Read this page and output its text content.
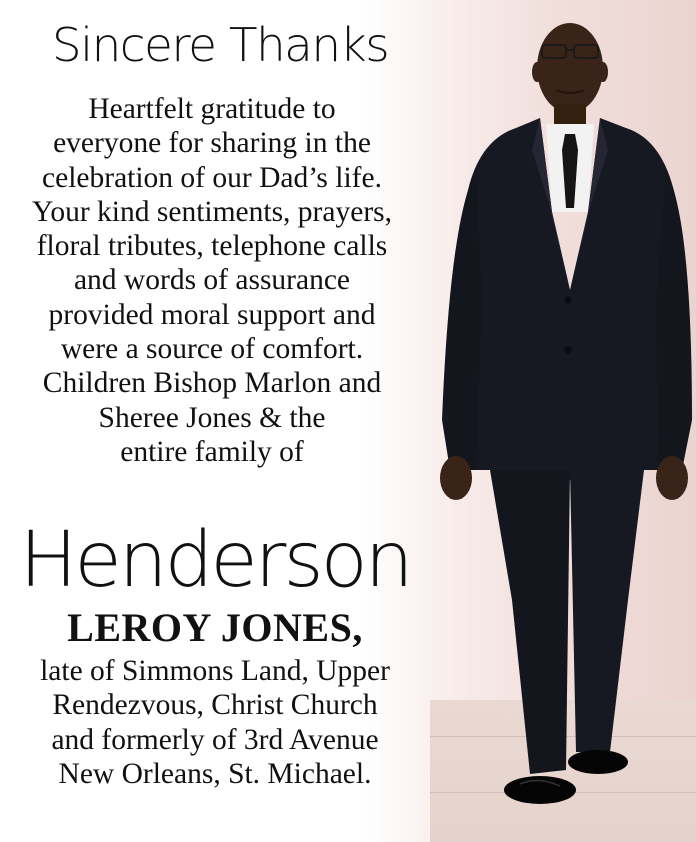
Sincere Thanks
Heartfelt gratitude to
everyone for sharing in the
celebration of our Dad’s life.
Your kind sentiments, prayers,
floral tributes, telephone calls
and words of assurance
provided moral support and
were a source of comfort.
Children Bishop Marlon and
Sheree Jones & the
entire family of
Henderson
LEROY JONES,
late of Simmons Land, Upper
Rendezvous, Christ Church
and formerly of 3rd Avenue
New Orleans, St. Michael.
